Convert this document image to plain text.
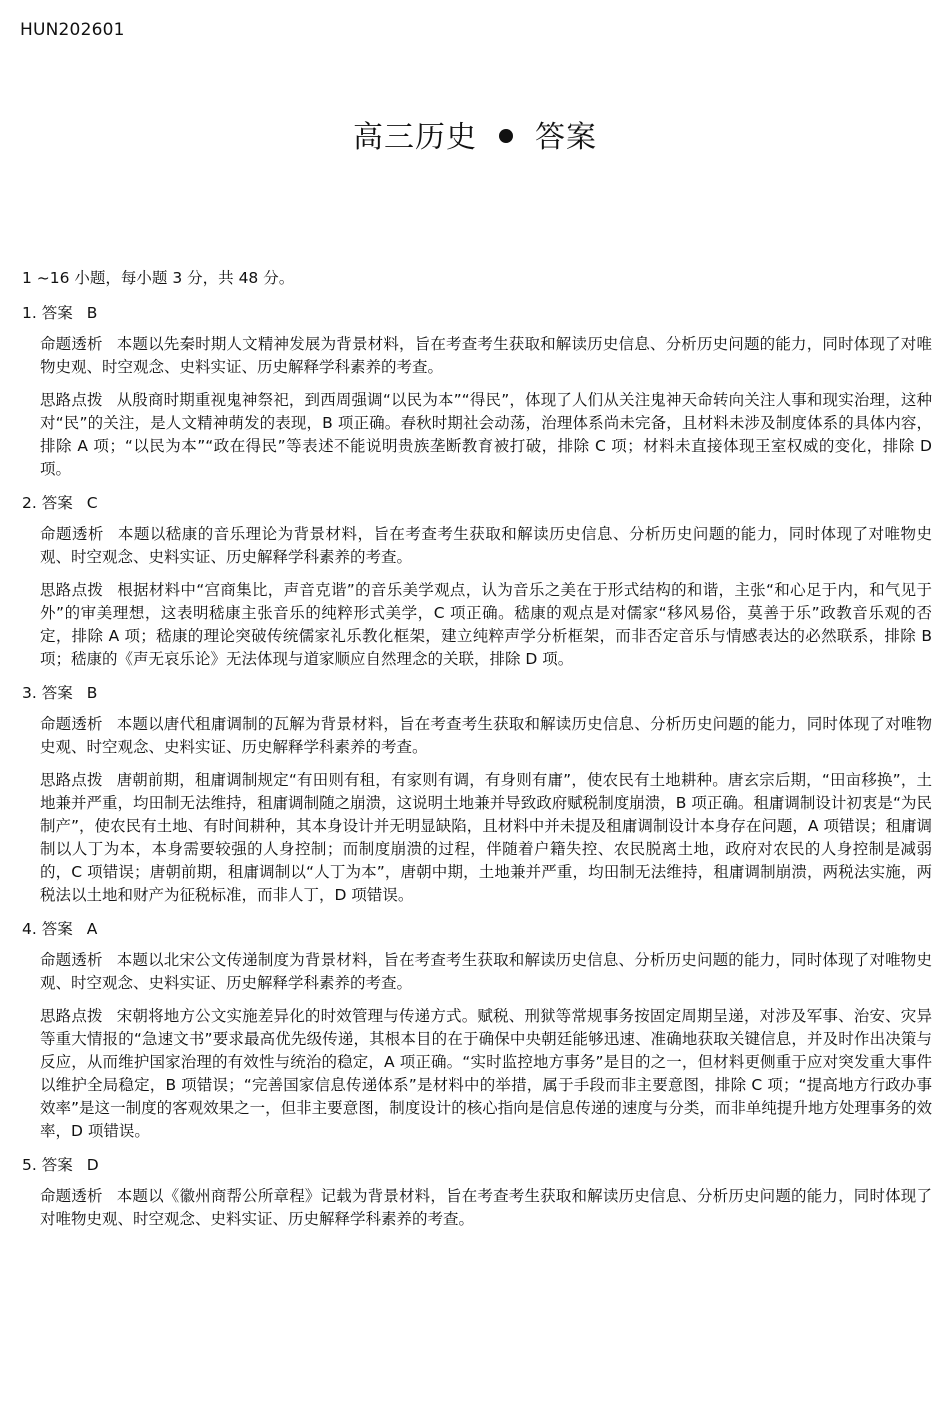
HUN202601
高三历史 答案
1 ~16 小题，每小题 3 分，共 48 分。
1. 答案 B
命题透析 本题以先秦时期人文精神发展为背景材料，旨在考查考生获取和解读历史信息、分析历史问题的能力，同时体现了对唯物史观、时空观念、史料实证、历史解释学科素养的考查。
思路点拨 从殷商时期重视鬼神祭祀，到西周强调“以民为本”“得民”，体现了人们从关注鬼神天命转向关注人事和现实治理，这种对“民”的关注，是人文精神萌发的表现，B 项正确。春秋时期社会动荡，治理体系尚未完备，且材料未涉及制度体系的具体内容，排除 A 项；“以民为本”“政在得民”等表述不能说明贵族垄断教育被打破，排除 C 项；材料未直接体现王室权威的变化，排除 D 项。
2. 答案 C
命题透析 本题以嵇康的音乐理论为背景材料，旨在考查考生获取和解读历史信息、分析历史问题的能力，同时体现了对唯物史观、时空观念、史料实证、历史解释学科素养的考查。
思路点拨 根据材料中“宫商集比，声音克谐”的音乐美学观点，认为音乐之美在于形式结构的和谐，主张“和心足于内，和气见于外”的审美理想，这表明嵇康主张音乐的纯粹形式美学，C 项正确。嵇康的观点是对儒家“移风易俗，莫善于乐”政教音乐观的否定，排除 A 项；嵇康的理论突破传统儒家礼乐教化框架，建立纯粹声学分析框架，而非否定音乐与情感表达的必然联系，排除 B 项；嵇康的《声无哀乐论》无法体现与道家顺应自然理念的关联，排除 D 项。
3. 答案 B
命题透析 本题以唐代租庸调制的瓦解为背景材料，旨在考查考生获取和解读历史信息、分析历史问题的能力，同时体现了对唯物史观、时空观念、史料实证、历史解释学科素养的考查。
思路点拨 唐朝前期，租庸调制规定“有田则有租，有家则有调，有身则有庸”，使农民有土地耕种。唐玄宗后期，“田亩移换”，土地兼并严重，均田制无法维持，租庸调制随之崩溃，这说明土地兼并导致政府赋税制度崩溃，B 项正确。租庸调制设计初衷是“为民制产”，使农民有土地、有时间耕种，其本身设计并无明显缺陷，且材料中并未提及租庸调制设计本身存在问题，A 项错误；租庸调制以人丁为本，本身需要较强的人身控制；而制度崩溃的过程，伴随着户籍失控、农民脱离土地，政府对农民的人身控制是减弱的，C 项错误；唐朝前期，租庸调制以“人丁为本”，唐朝中期，土地兼并严重，均田制无法维持，租庸调制崩溃，两税法实施，两税法以土地和财产为征税标准，而非人丁，D 项错误。
4. 答案 A
命题透析 本题以北宋公文传递制度为背景材料，旨在考查考生获取和解读历史信息、分析历史问题的能力，同时体现了对唯物史观、时空观念、史料实证、历史解释学科素养的考查。
思路点拨 宋朝将地方公文实施差异化的时效管理与传递方式。赋税、刑狱等常规事务按固定周期呈递，对涉及军事、治安、灾异等重大情报的“急速文书”要求最高优先级传递，其根本目的在于确保中央朝廷能够迅速、准确地获取关键信息，并及时作出决策与反应，从而维护国家治理的有效性与统治的稳定，A 项正确。“实时监控地方事务”是目的之一，但材料更侧重于应对突发重大事件以维护全局稳定，B 项错误；“完善国家信息传递体系”是材料中的举措，属于手段而非主要意图，排除 C 项；“提高地方行政办事效率”是这一制度的客观效果之一，但非主要意图，制度设计的核心指向是信息传递的速度与分类，而非单纯提升地方处理事务的效率，D 项错误。
5. 答案 D
命题透析 本题以《徽州商帮公所章程》记载为背景材料，旨在考查考生获取和解读历史信息、分析历史问题的能力，同时体现了对唯物史观、时空观念、史料实证、历史解释学科素养的考查。
